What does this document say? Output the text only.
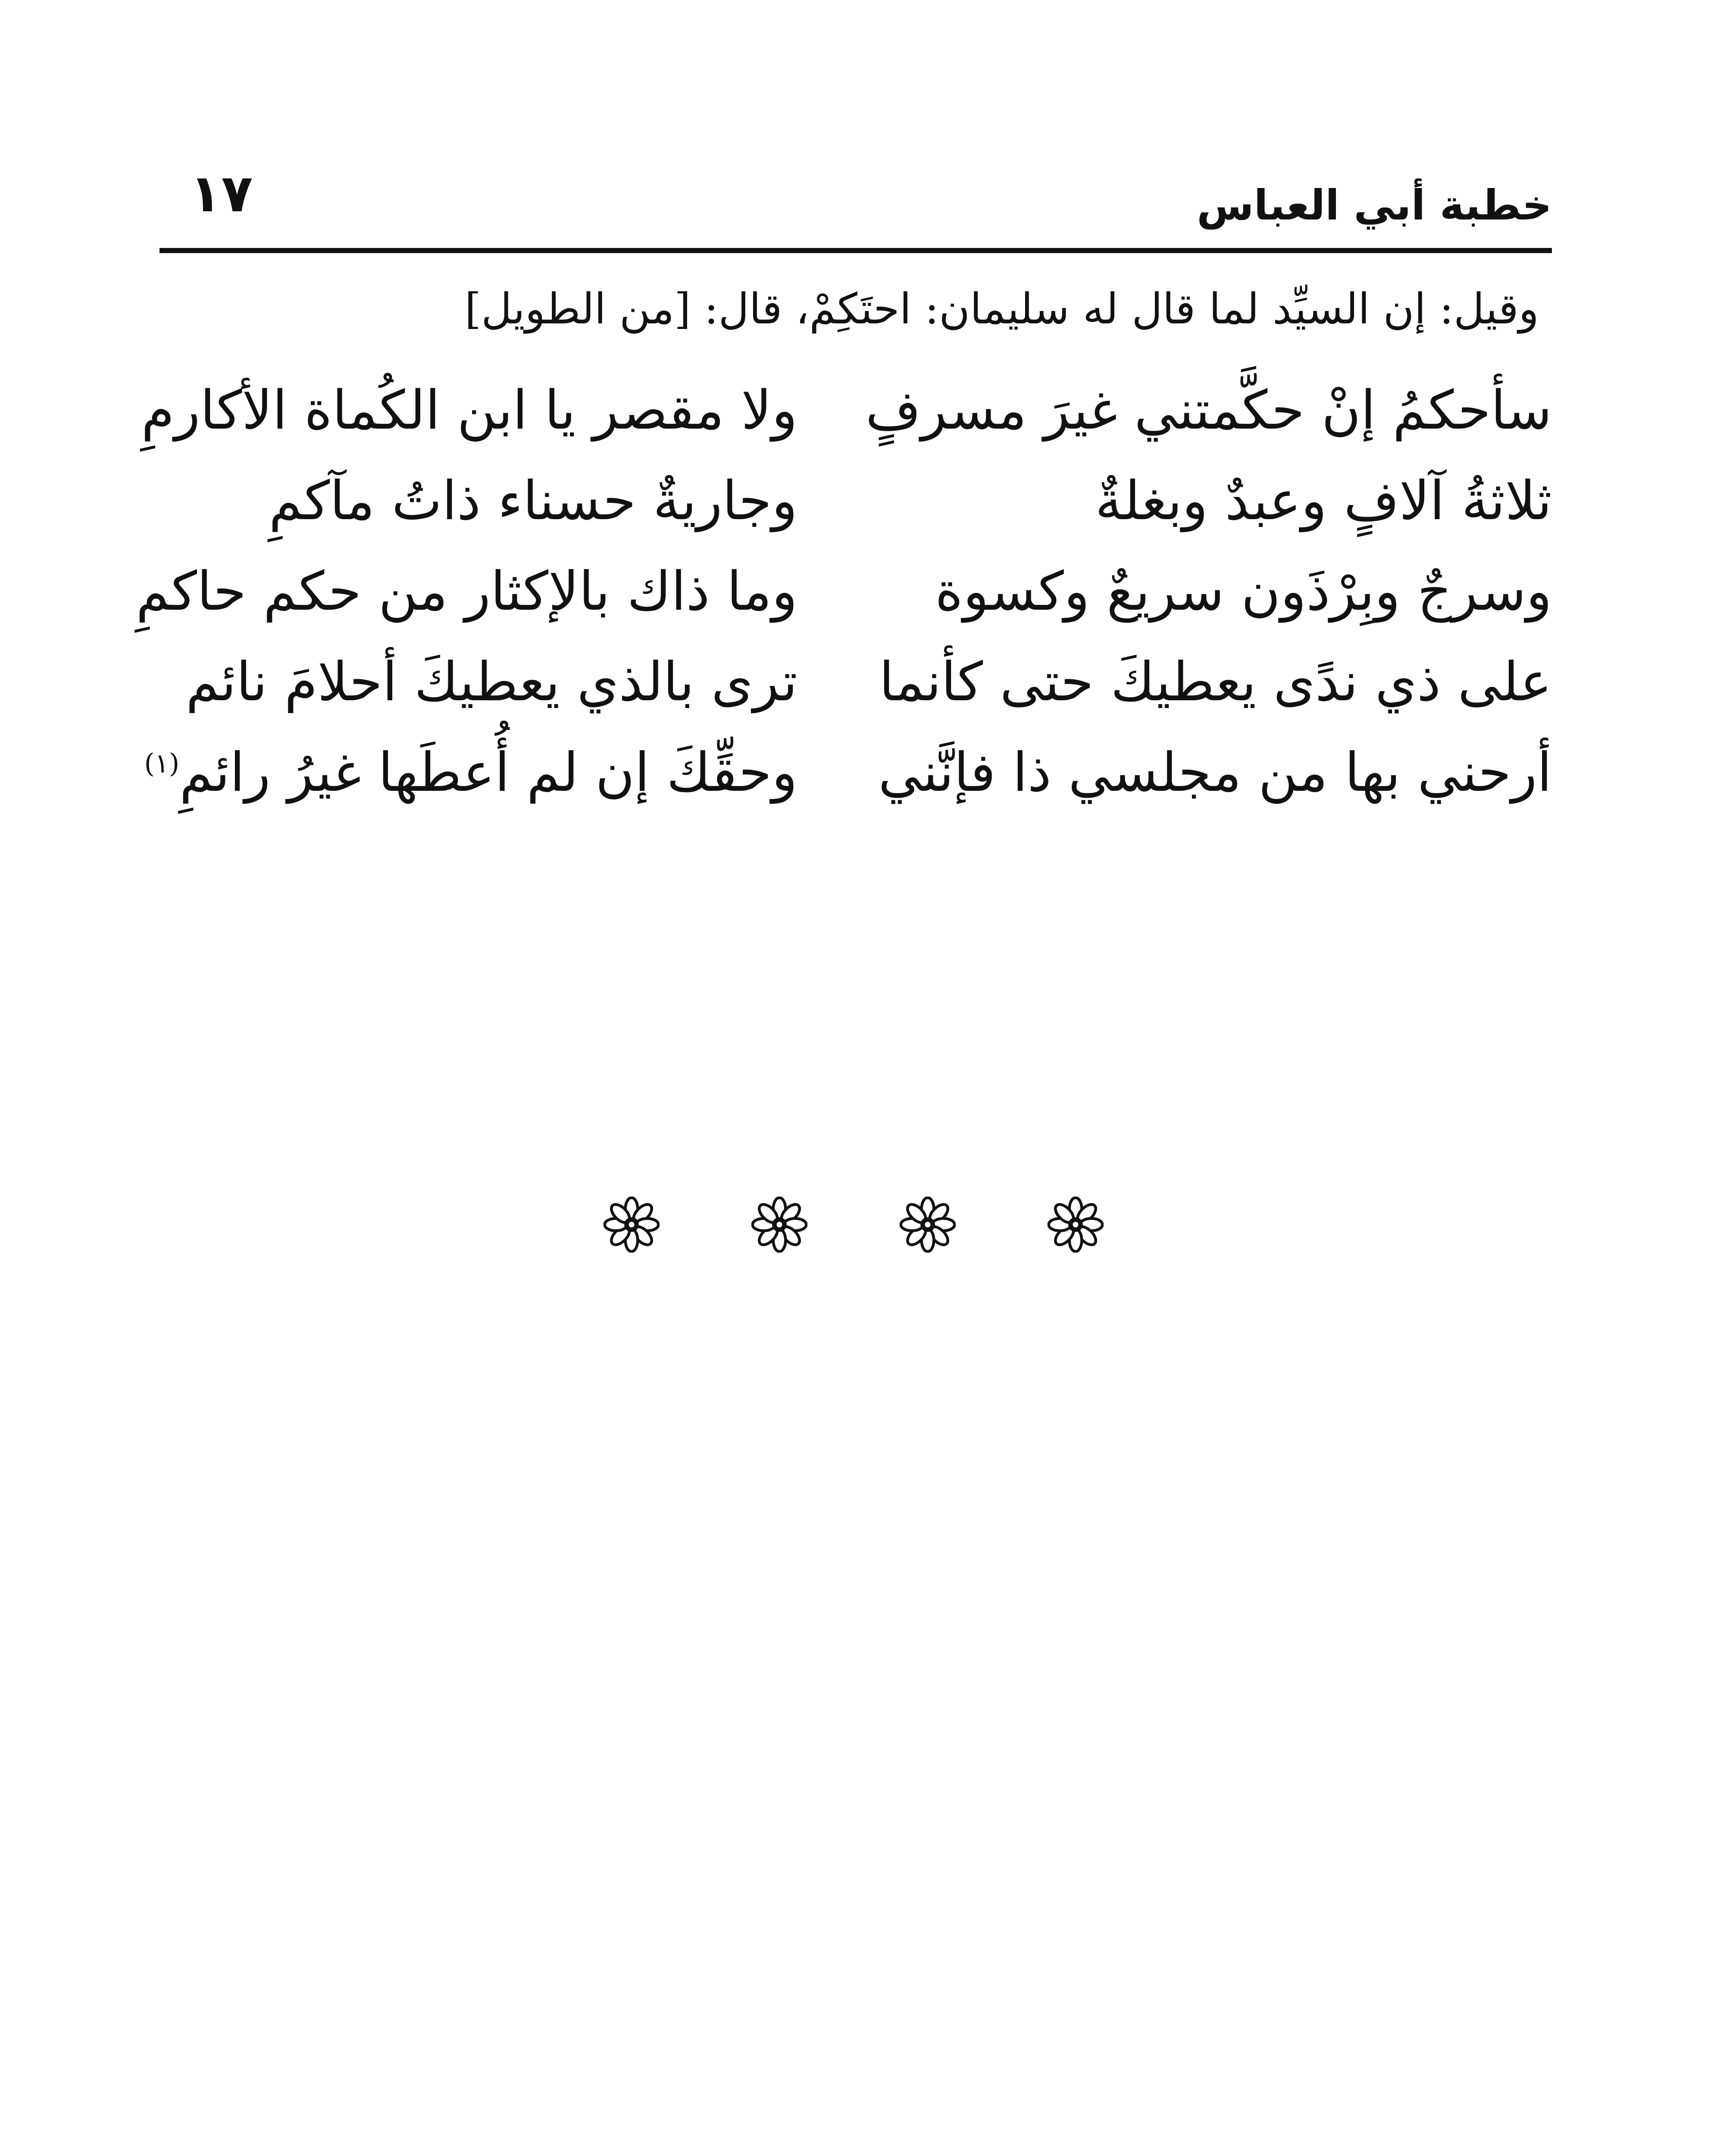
١٧	خطبة أبي العباس
وقيل: إن السيِّد لما قال له سليمان: احتَكِمْ، قال: [من الطويل]
سأحكمُ إنْ حكَّمتني غيرَ مسرفٍ
ولا مقصر يا ابن الكُماة الأكارمِ
ثلاثةُ آلافٍ وعبدٌ وبغلةٌ
وجاريةٌ حسناء ذاتُ مآكمِ
وسرجٌ وبِرْذَون سريعٌ وكسوة
وما ذاك بالإكثار من حكم حاكمِ
على ذي ندًى يعطيكَ حتى كأنما
ترى بالذي يعطيكَ أحلامَ نائم
أرحني بها من مجلسي ذا فإنَّني
وحقِّكَ إن لم أُعطَها غيرُ رائمِ$^{(١)}$
